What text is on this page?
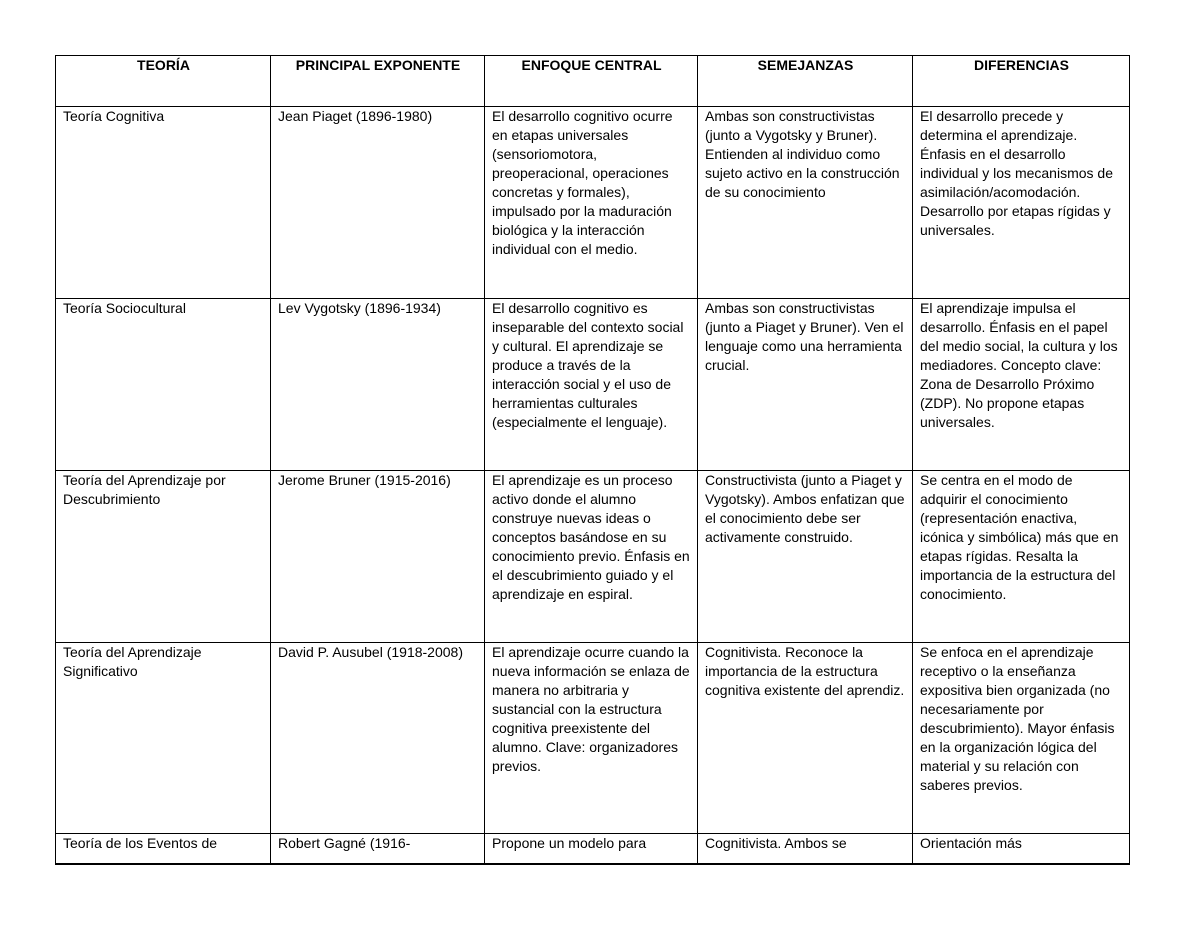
TEORÍA	PRINCIPAL EXPONENTE	ENFOQUE CENTRAL	SEMEJANZAS	DIFERENCIAS
Teoría Cognitiva	Jean Piaget (1896-1980)	El desarrollo cognitivo ocurre en etapas universales (sensoriomotora, preoperacional, operaciones concretas y formales), impulsado por la maduración biológica y la interacción individual con el medio.	Ambas son constructivistas (junto a Vygotsky y Bruner). Entienden al individuo como sujeto activo en la construcción de su conocimiento	El desarrollo precede y determina el aprendizaje. Énfasis en el desarrollo individual y los mecanismos de asimilación/acomodación. Desarrollo por etapas rígidas y universales.
Teoría Sociocultural	Lev Vygotsky (1896-1934)	El desarrollo cognitivo es inseparable del contexto social y cultural. El aprendizaje se produce a través de la interacción social y el uso de herramientas culturales (especialmente el lenguaje).	Ambas son constructivistas (junto a Piaget y Bruner). Ven el lenguaje como una herramienta crucial.	El aprendizaje impulsa el desarrollo. Énfasis en el papel del medio social, la cultura y los mediadores. Concepto clave: Zona de Desarrollo Próximo (ZDP). No propone etapas universales.
Teoría del Aprendizaje por Descubrimiento	Jerome Bruner (1915-2016)	El aprendizaje es un proceso activo donde el alumno construye nuevas ideas o conceptos basándose en su conocimiento previo. Énfasis en el descubrimiento guiado y el aprendizaje en espiral.	Constructivista (junto a Piaget y Vygotsky). Ambos enfatizan que el conocimiento debe ser activamente construido.	Se centra en el modo de adquirir el conocimiento (representación enactiva, icónica y simbólica) más que en etapas rígidas. Resalta la importancia de la estructura del conocimiento.
Teoría del Aprendizaje Significativo	David P. Ausubel (1918-2008)	El aprendizaje ocurre cuando la nueva información se enlaza de manera no arbitraria y sustancial con la estructura cognitiva preexistente del alumno. Clave: organizadores previos.	Cognitivista. Reconoce la importancia de la estructura cognitiva existente del aprendiz.	Se enfoca en el aprendizaje receptivo o la enseñanza expositiva bien organizada (no necesariamente por descubrimiento). Mayor énfasis en la organización lógica del material y su relación con saberes previos.
Teoría de los Eventos de	Robert Gagné (1916-	Propone un modelo para	Cognitivista. Ambos se	Orientación más
